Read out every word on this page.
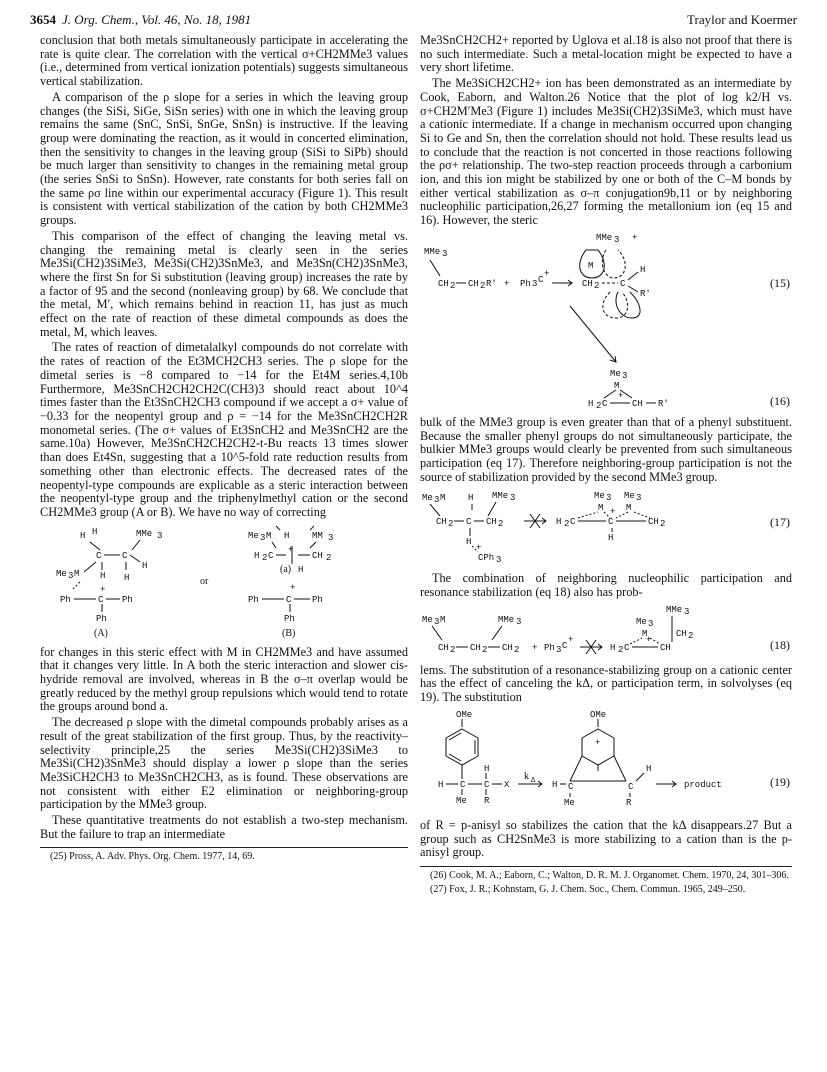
3654 J. Org. Chem., Vol. 46, No. 18, 1981	Traylor and Koermer

conclusion that both metals simultaneously participate in accelerating the rate is quite clear. The correlation with the vertical σ+CH2MMe3 values (i.e., determined from vertical ionization potentials) suggests simultaneous vertical stabilization.

A comparison of the ρ slope for a series in which the leaving group changes (the SiSi, SiGe, SiSn series) with one in which the leaving group remains the same (SnC, SnSi, SnGe, SnSn) is instructive. If the leaving group were dominating the reaction, as it would in concerted elimination, then the sensitivity to changes in the leaving group (SiSi to SiPb) should be much larger than sensitivity to changes in the remaining metal group (the series SnSi to SnSn). However, rate constants for both series fall on the same ρσ line within our experimental accuracy (Figure 1). This result is consistent with vertical stabilization of the cation by both CH2MMe3 groups.

This comparison of the effect of changing the leaving metal vs. changing the remaining metal is clearly seen in the series Me3Si(CH2)3SiMe3, Me3Si(CH2)3SnMe3, and Me3Sn(CH2)3SnMe3, where the first Sn for Si substitution (leaving group) increases the rate by a factor of 95 and the second (nonleaving group) by 68. We conclude that the metal, M′, which remains behind in reaction 11, has just as much effect on the rate of reaction of these dimetal compounds as does the metal, M, which leaves.

The rates of reaction of dimetalalkyl compounds do not correlate with the rates of reaction of the Et3MCH2CH3 series. The ρ slope for the dimetal series is −8 compared to −14 for the Et4M series.4,10b Furthermore, Me3SnCH2CH2CH2C(CH3)3 should react about 10^4 times faster than the Et3SnCH2CH3 compound if we accept a σ+ value of −0.33 for the neopentyl group and ρ = −14 for the Me3SnCH2CH2R monometal series. (The σ+ values of Et3SnCH2 and Me3SnCH2 are the same.10a) However, Me3SnCH2CH2CH2-t-Bu reacts 13 times slower than does Et4Sn, suggesting that a 10^5-fold rate reduction results from something other than electronic effects. The decreased rates of the neopentyl-type compounds are explicable as a steric interaction between the neopentyl-type group and the triphenylmethyl cation or the second CH2MMe3 group (A or B). We have no way of correcting

H H	MMe 3
C C
H
Me 3 M H H
+
Ph	C Ph
Ph
(A)
or
Me 3 M H	MM 3
H 2 C
+
CH 2
(a) H
+
Ph	C Ph
Ph
(B)

for changes in this steric effect with M in CH2MMe3 and have assumed that it changes very little. In A both the steric interaction and slower cis-hydride removal are involved, whereas in B the σ–π overlap would be greatly reduced by the methyl group repulsions which would tend to rotate the groups around bond a.

The decreased ρ slope with the dimetal compounds probably arises as a result of the great stabilization of the first group. Thus, by the reactivity–selectivity principle,25 the series Me3Si(CH2)3SiMe3 to Me3Si(CH2)3SnMe3 should display a lower ρ slope than the series Me3SiCH2CH3 to Me3SnCH2CH3, as is found. These observations are not consistent with either E2 elimination or neighboring-group participation by the MMe3 group.

These quantitative treatments do not establish a two-step mechanism. But the failure to trap an intermediate

(25) Pross, A. Adv. Phys. Org. Chem. 1977, 14, 69.

Me3SnCH2CH2+ reported by Uglova et al.18 is also not proof that there is no such intermediate. Such a metal-location might be expected to have a very short lifetime.

The Me3SiCH2CH2+ ion has been demonstrated as an intermediate by Cook, Eaborn, and Walton.26 Notice that the plot of log k2/H vs. σ+CH2M′Me3 (Figure 1) includes Me3Si(CH2)3SiMe3, which must have a cationic intermediate. If a change in mechanism occurred upon changing Si to Ge and Sn, then the correlation should not hold. These results lead us to conclude that the reaction is not concerted in those reactions following the ρσ+ relationship. The two-step reaction proceeds through a carbonium ion, and this ion might be stabilized by one or both of the C–M bonds by either vertical stabilization as σ–π conjugation9b,11 or by neighboring nucleophilic participation,26,27 forming the metallonium ion (eq 15 and 16). However, the steric

MMe 3
CH 2 CH 2 R' + Ph 3 C
+
MMe 3 +
M
CH 2 C
H
R'
Me 3
M
+
H 2 C	CH R'
(15)
(16)

bulk of the MMe3 group is even greater than that of a phenyl substituent. Because the smaller phenyl groups do not simultaneously participate, the bulkier MMe3 groups would clearly be prevented from such simultaneous participation (eq 17). Therefore neighboring-group participation is not the source of stabilization provided by the second MMe3 group.

Me 3 M	H MMe 3
CH 2 C CH 2
H
+
CPh 3
H 2 C
Me 3 Me 3
M	M
C
+
CH 2
H
(17)

The combination of neighboring nucleophilic participation and resonance stabilization (eq 18) also has prob-

Me 3 M	MMe 3
CH 2 CH 2 CH 2 + Ph 3 C
+
H 2 C
MMe 3
Me 3
M
+
CH 2
CH	(18)

lems. The substitution of a resonance-stabilizing group on a cationic center has the effect of canceling the kΔ, or participation term, in solvolyses (eq 19). The substitution

OMe
H C C X
H
Me R
k Δ
OMe
+
H C	C
H
Me	R
product	(19)

of R = p-anisyl so stabilizes the cation that the kΔ disappears.27 But a group such as CH2SnMe3 is more stabilizing to a cation than is the p-anisyl group.

(26) Cook, M. A.; Eaborn, C.; Walton, D. R. M. J. Organomet. Chem. 1970, 24, 301–306.

(27) Fox, J. R.; Kohnstam, G. J. Chem. Soc., Chem. Commun. 1965, 249–250.
